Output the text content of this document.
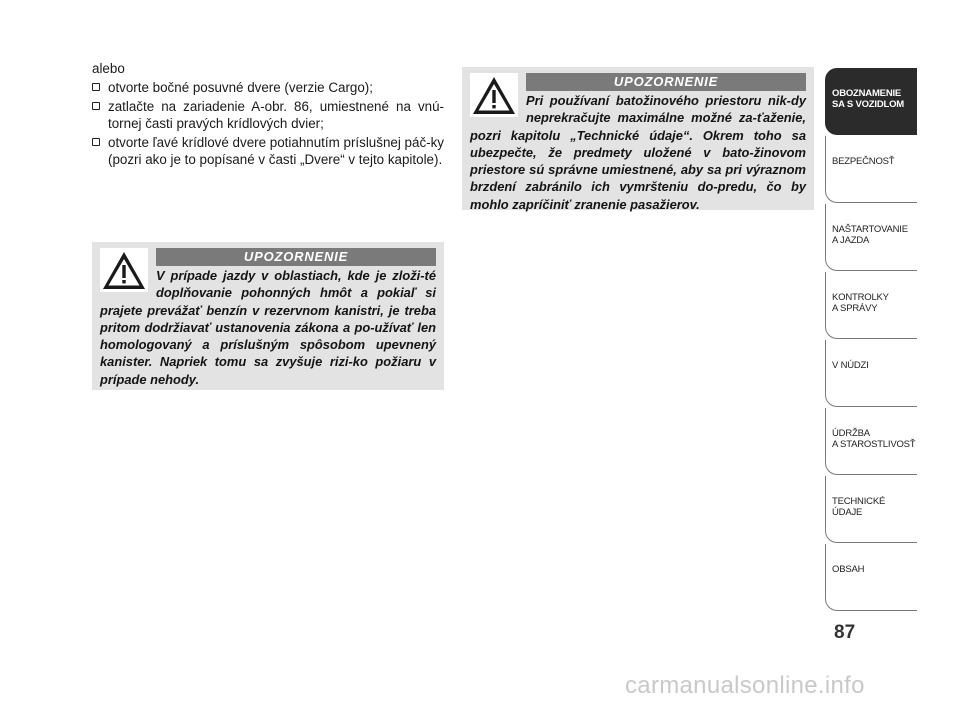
alebo

otvorte bočné posuvné dvere (verzie Cargo);
zatlačte na zariadenie A-obr. 86, umiestnené na vnú-tornej časti pravých krídlových dvier;
otvorte ľavé krídlové dvere potiahnutím príslušnej páč-ky (pozri ako je to popísané v časti „Dvere“ v tejto kapitole).
UPOZORNENIE
V prípade jazdy v oblastiach, kde je zloži-té doplňovanie pohonných hmôt a pokiaľ si prajete prevážať benzín v rezervnom kanistri, je treba pritom dodržiavať ustanovenia zákona a po-užívať len homologovaný a príslušným spôsobom upevnený kanister. Napriek tomu sa zvyšuje rizi-ko požiaru v prípade nehody.
UPOZORNENIE
Pri používaní batožinového priestoru nik-dy neprekračujte maximálne možné za-ťaženie, pozri kapitolu „Technické údaje“. Okrem toho sa ubezpečte, že predmety uložené v bato-žinovom priestore sú správne umiestnené, aby sa pri výraznom brzdení zabránilo ich vymršteniu do-predu, čo by mohlo zapríčiniť zranenie pasažierov.
OBOZNAMENIE
SA S VOZIDLOM
BEZPEČNOSŤ
NAŠTARTOVANIE
A JAZDA
KONTROLKY
A SPRÁVY
V NÚDZI
ÚDRŽBA
A STAROSTLIVOSŤ
TECHNICKÉ
ÚDAJE
OBSAH
87
carmanualsonline.info
